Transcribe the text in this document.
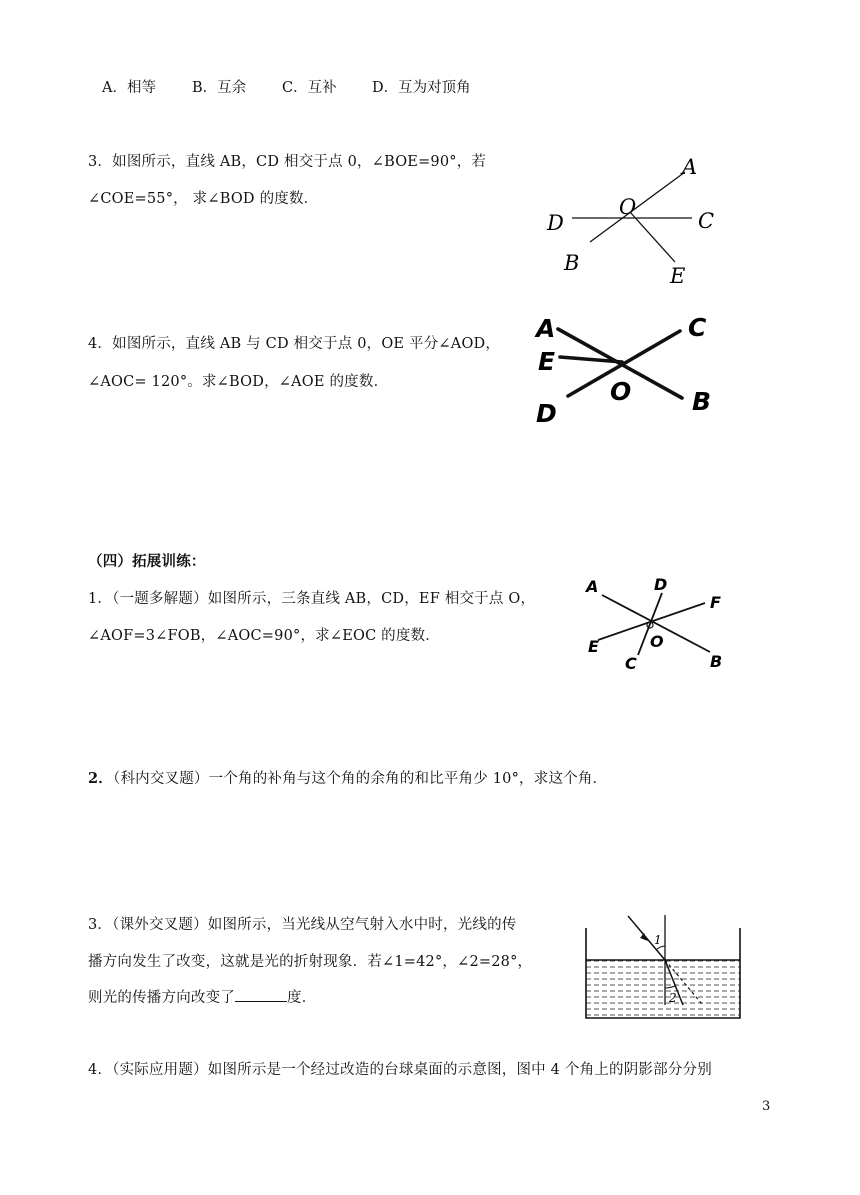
A．相等 B．互余 C．互补 D．互为对顶角
3．如图所示，直线 AB，CD 相交于点 0，∠BOE=90°，若
∠COE=55°， 求∠BOD 的度数．
A
O
D	C
B
E
4．如图所示，直线 AB 与 CD 相交于点 0，OE 平分∠AOD，
∠AOC= 120°。求∠BOD，∠AOE 的度数．
A
E
D
O
C
B
（四）拓展训练：
1．（一题多解题）如图所示，三条直线 AB，CD，EF 相交于点 O，
∠AOF=3∠FOB，∠AOC=90°，求∠EOC 的度数．
A	D
F
E	O
C	B
2．（科内交叉题）一个角的补角与这个角的余角的和比平角少 10°，求这个角．
3．（课外交叉题）如图所示，当光线从空气射入水中时，光线的传
播方向发生了改变，这就是光的折射现象．若∠1=42°，∠2=28°，
则光的传播方向改变了	度．
1
2
4．（实际应用题）如图所示是一个经过改造的台球桌面的示意图，图中 4 个角上的阴影部分分别
3
